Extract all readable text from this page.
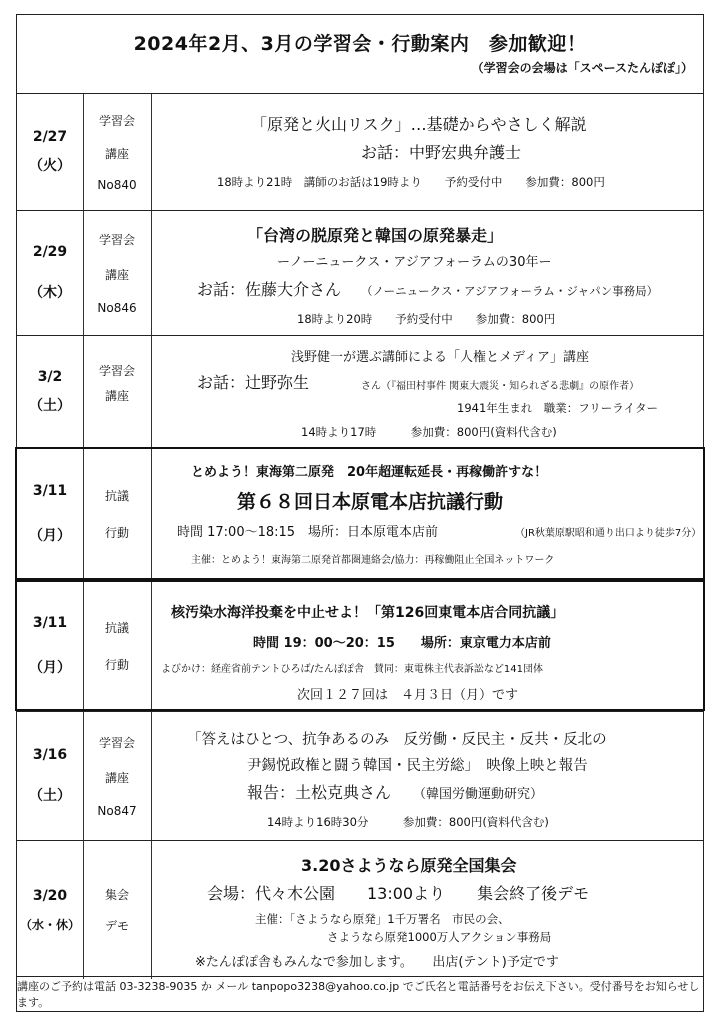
2024年2月、3月の学習会・行動案内　参加歓迎！
（学習会の会場は「スペースたんぽぽ」）
2/27
（火）
学習会
講座
No840
「原発と火山リスク」…基礎からやさしく解説
お話：中野宏典弁護士
18時より21時　講師のお話は19時より　　予約受付中　　参加費：800円
2/29
（木）
学習会
講座
No846
「台湾の脱原発と韓国の原発暴走」
ーノーニュークス・アジアフォーラムの30年ー
お話：佐藤大介さん （ノーニュークス・アジアフォーラム・ジャパン事務局）
18時より20時　　予約受付中　　参加費：800円
3/2
（土）
学習会
講座
浅野健一が選ぶ講師による「人権とメディア」講座
お話：辻野弥生	さん（『福田村事件 関東大震災・知られざる悲劇』の原作者）
1941年生まれ　職業：フリーライター
14時より17時　　　参加費：800円(資料代含む)
3/11
（月）
抗議
行動
とめよう！東海第二原発　20年超運転延長・再稼働許すな！
第６８回日本原電本店抗議行動
時間 17:00～18:15　場所：日本原電本店前	（JR秋葉原駅昭和通り出口より徒歩7分）
主催：とめよう！東海第二原発首都圏連絡会/協力：再稼働阻止全国ネットワーク
3/11
（月）
抗議
行動
核汚染水海洋投棄を中止せよ！「第126回東電本店合同抗議」
時間 19：00～20：15　　場所：東京電力本店前
よびかけ：経産省前テントひろば/たんぽぽ舎　賛同：東電株主代表訴訟など141団体
次回１２７回は　４月３日（月）です
3/16
（土）
学習会
講座
No847
「答えはひとつ、抗争あるのみ　反労働・反民主・反共・反北の
尹錫悦政権と闘う韓国・民主労総」　映像上映と報告
報告：土松克典さん （韓国労働運動研究）
14時より16時30分　　　参加費：800円(資料代含む)
3/20
（水・休）
集会
デモ
3.20さようなら原発全国集会
会場：代々木公園　　13:00より　　集会終了後デモ
主催：「さようなら原発」1千万署名　市民の会、
さようなら原発1000万人アクション事務局
※たんぽぽ舎もみんなで参加します。　　出店(テント)予定です
講座のご予約は電話 03-3238-9035 か メール tanpopo3238@yahoo.co.jp でご氏名と電話番号をお伝え下さい。受付番号をお知らせします。
